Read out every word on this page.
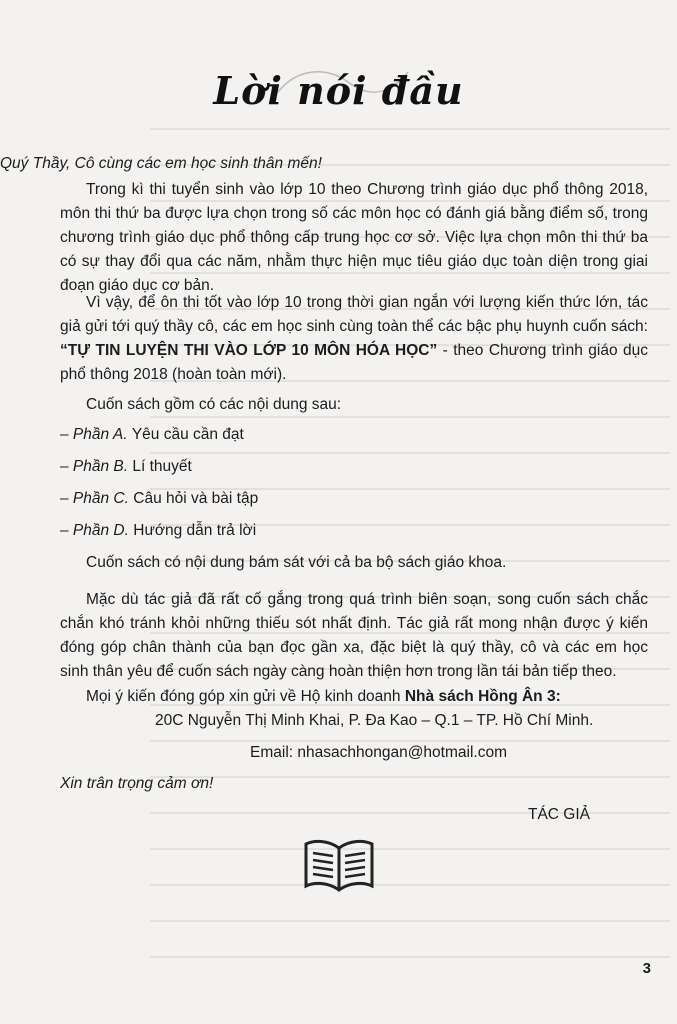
Lời nói đầu

Quý Thầy, Cô cùng các em học sinh thân mến!

Trong kì thi tuyển sinh vào lớp 10 theo Chương trình giáo dục phổ thông 2018, môn thi thứ ba được lựa chọn trong số các môn học có đánh giá bằng điểm số, trong chương trình giáo dục phổ thông cấp trung học cơ sở. Việc lựa chọn môn thi thứ ba có sự thay đổi qua các năm, nhằm thực hiện mục tiêu giáo dục toàn diện trong giai đoạn giáo dục cơ bản.

Vì vậy, để ôn thi tốt vào lớp 10 trong thời gian ngắn với lượng kiến thức lớn, tác giả gửi tới quý thầy cô, các em học sinh cùng toàn thể các bậc phụ huynh cuốn sách: “TỰ TIN LUYỆN THI VÀO LỚP 10 MÔN HÓA HỌC” - theo Chương trình giáo dục phổ thông 2018 (hoàn toàn mới).

Cuốn sách gồm có các nội dung sau:

– Phần A. Yêu cầu cần đạt
– Phần B. Lí thuyết
– Phần C. Câu hỏi và bài tập
– Phần D. Hướng dẫn trả lời

Cuốn sách có nội dung bám sát với cả ba bộ sách giáo khoa.

Mặc dù tác giả đã rất cố gắng trong quá trình biên soạn, song cuốn sách chắc chắn khó tránh khỏi những thiếu sót nhất định. Tác giả rất mong nhận được ý kiến đóng góp chân thành của bạn đọc gần xa, đặc biệt là quý thầy, cô và các em học sinh thân yêu để cuốn sách ngày càng hoàn thiện hơn trong lần tái bản tiếp theo.

Mọi ý kiến đóng góp xin gửi về Hộ kinh doanh Nhà sách Hồng Ân 3:

20C Nguyễn Thị Minh Khai, P. Đa Kao – Q.1 – TP. Hồ Chí Minh.
Email: nhasachhongan@hotmail.com
Xin trân trọng cảm ơn!
TÁC GIẢ
3
